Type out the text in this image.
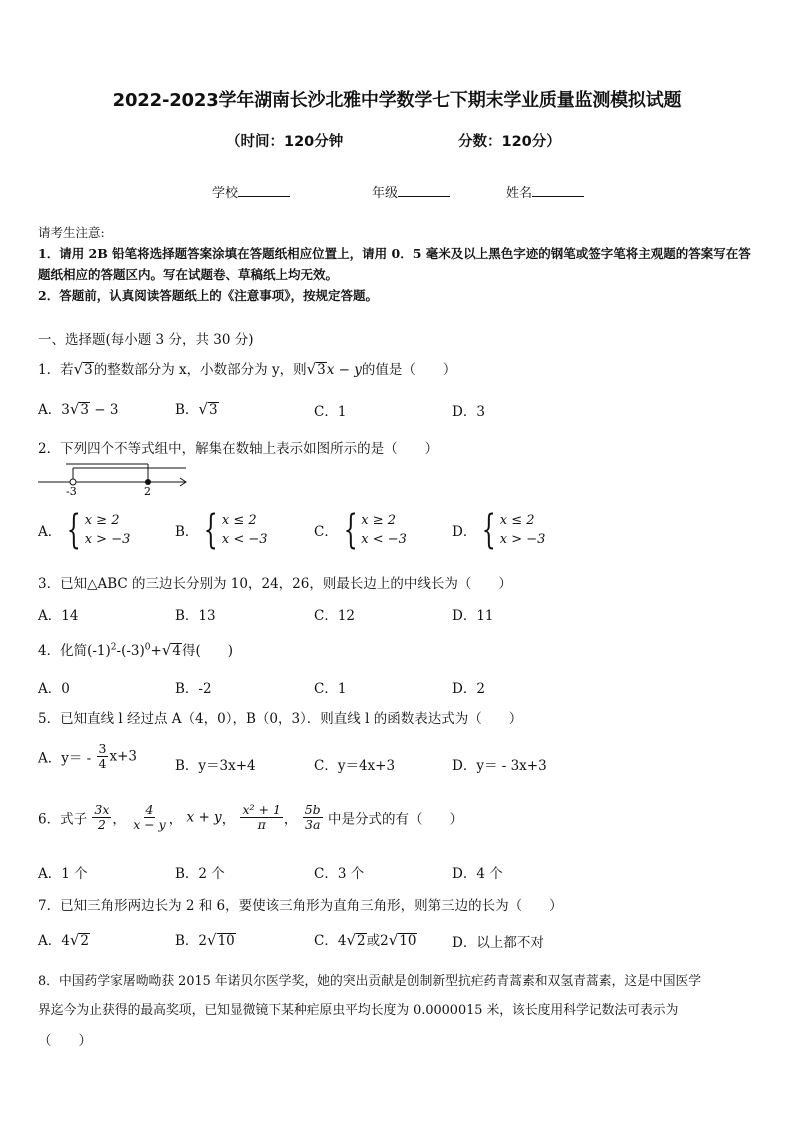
2022-2023学年湖南长沙北雅中学数学七下期末学业质量监测模拟试题
（时间：120分钟	分数：120分）
学校	年级	姓名
请考生注意:
1．请用 2B 铅笔将选择题答案涂填在答题纸相应位置上，请用 0．5 毫米及以上黑色字迹的钢笔或签字笔将主观题的答案写在答题纸相应的答题区内。写在试题卷、草稿纸上均无效。
2．答题前，认真阅读答题纸上的《注意事项》，按规定答题。
一、选择题(每小题 3 分，共 30 分)
1．若 √ 3 的整数部分为 x，小数部分为 y，则 √ 3 x − y的值是（　　）
A．3 √ 3 − 3	B． √ 3	C．1	D．3
2．下列四个不等式组中，解集在数轴上表示如图所示的是（　　）
-3	2
A． { x ≥ 2
x > −3	B． { x ≤ 2
x < −3	C． { x ≥ 2
x < −3	D． { x ≤ 2
x > −3
3．已知△ABC 的三边长分别为 10，24，26，则最长边上的中线长为（　　）
A．14	B．13	C．12	D．11
4．化简$(-1)^2-(-3)^0+$ √ 4 得(　　)
A．0	B．-2	C．1	D．2
5．已知直线 l 经过点 A（4，0），B（0，3）．则直线 l 的函数表达式为（　　）
A．$y= - \frac{3}{4} x+3$
B．y＝3x+4	C．y＝4x+3	D．y＝ - 3x+3
6．式子 $\frac{3x}{2}$ ， $\frac{4}{x - y}$ ， x + y， $\frac{\text{x² + 1}}{\pi}$ ， $\frac{5b}{3a}$ 中是分式的有（　　）
A．1 个	B．2 个	C．3 个	D．4 个
7．已知三角形两边长为 2 和 6，要使该三角形为直角三角形，则第三边的长为（　　）
A．4 √ 2	B．2 √ 10	C．4 √ 2 或2 √ 10	D．以上都不对
8．中国药学家屠呦呦获 2015 年诺贝尔医学奖，她的突出贡献是创制新型抗疟药青蒿素和双氢青蒿素，这是中国医学
界迄今为止获得的最高奖项，已知显微镜下某种疟原虫平均长度为 0.0000015 米，该长度用科学记数法可表示为
（　　）
